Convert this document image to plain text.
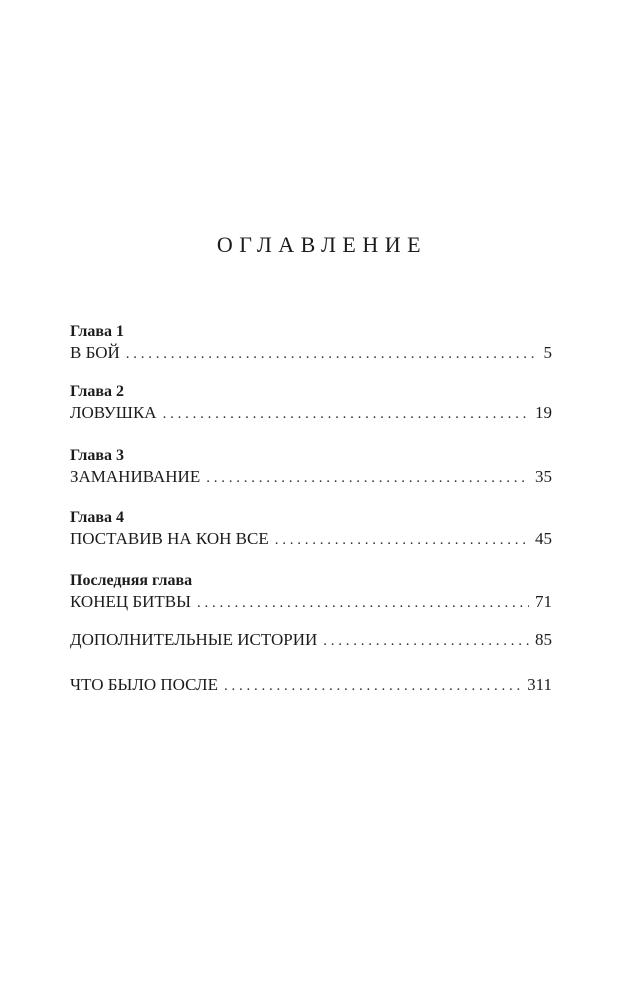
ОГЛАВЛЕНИЕ
Глава 1
В БОЙ . . .	5
Глава 2
ЛОВУШКА . . .	19
Глава 3
ЗАМАНИВАНИЕ . . .	35
Глава 4
ПОСТАВИВ НА КОН ВСЕ . . .	45
Последняя глава
КОНЕЦ БИТВЫ . . .	71
ДОПОЛНИТЕЛЬНЫЕ ИСТОРИИ . . .	85
ЧТО БЫЛО ПОСЛЕ . . .	311
